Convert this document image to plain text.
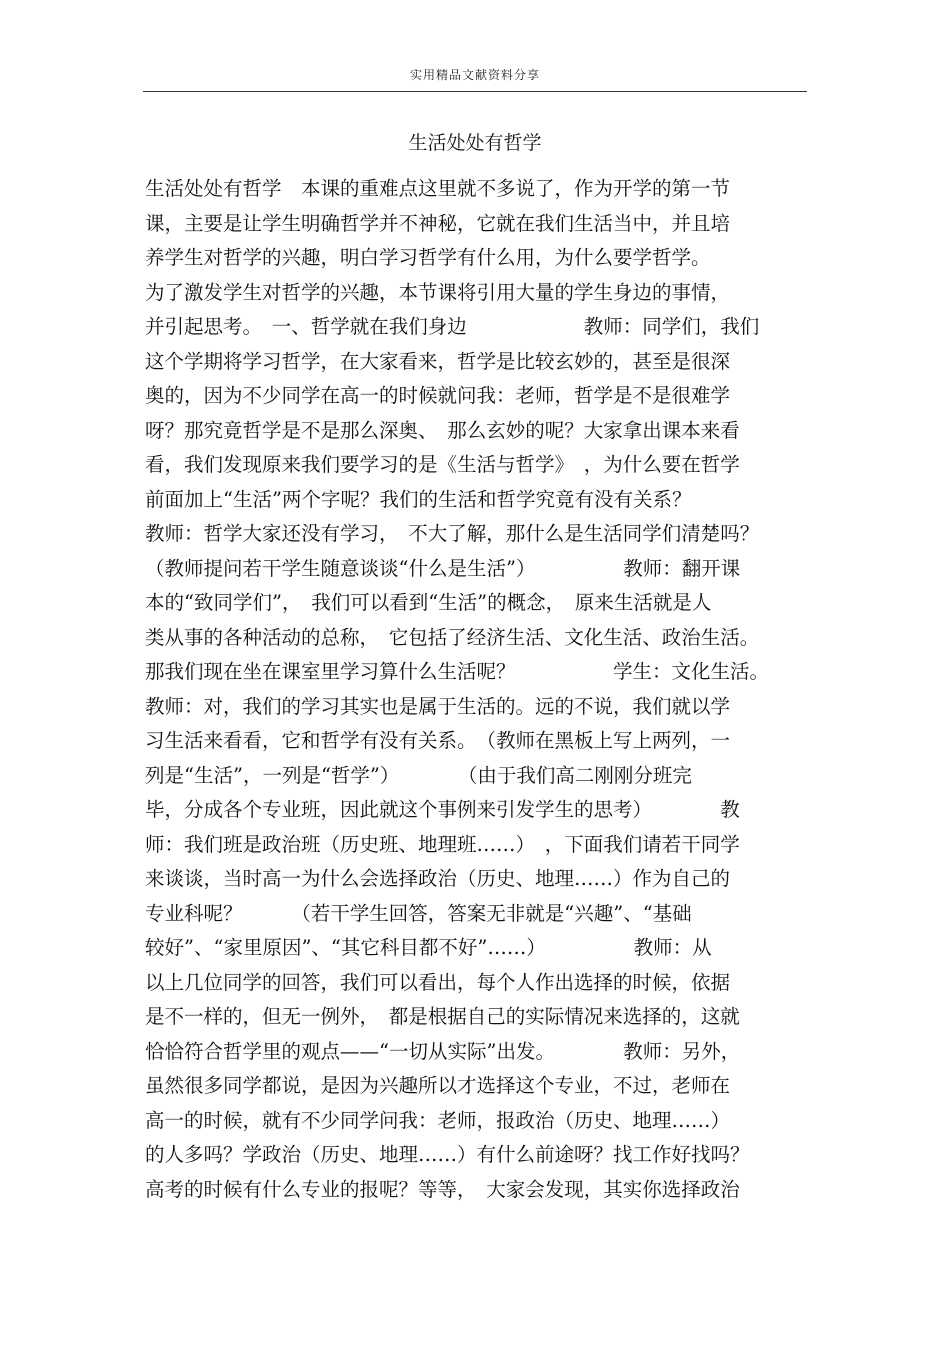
实用精品文献资料分享
生活处处有哲学
生活处处有哲学　本课的重难点这里就不多说了，作为开学的第一节
课，主要是让学生明确哲学并不神秘，它就在我们生活当中，并且培
养学生对哲学的兴趣，明白学习哲学有什么用，为什么要学哲学。
为了激发学生对哲学的兴趣，本节课将引用大量的学生身边的事情，
并引起思考。　一、哲学就在我们身边　　　　　　教师：同学们，我们
这个学期将学习哲学，在大家看来，哲学是比较玄妙的，甚至是很深
奥的，因为不少同学在高一的时候就问我：老师，哲学是不是很难学
呀？那究竟哲学是不是那么深奥、　那么玄妙的呢？大家拿出课本来看
看，我们发现原来我们要学习的是《生活与哲学》　，为什么要在哲学
前面加上“生活”两个字呢？我们的生活和哲学究竟有没有关系？
教师：哲学大家还没有学习，　不大了解，那什么是生活同学们清楚吗？
（教师提问若干学生随意谈谈“什么是生活”）　　　　　教师：翻开课
本的“致同学们”，　我们可以看到“生活”的概念，　原来生活就是人
类从事的各种活动的总称，　它包括了经济生活、文化生活、政治生活。
那我们现在坐在课室里学习算什么生活呢？　　　　　学生：文化生活。
教师：对，我们的学习其实也是属于生活的。远的不说，我们就以学
习生活来看看，它和哲学有没有关系。　（教师在黑板上写上两列，一
列是“生活”，一列是“哲学”）　　　　（由于我们高二刚刚分班完
毕，分成各个专业班，因此就这个事例来引发学生的思考）　　　　教
师：我们班是政治班（历史班、地理班……）　，下面我们请若干同学
来谈谈，当时高一为什么会选择政治（历史、地理……）作为自己的
专业科呢？　　　（若干学生回答，答案无非就是“兴趣”、“基础
较好”、“家里原因”、“其它科目都不好”……）　　　　　教师：从
以上几位同学的回答，我们可以看出，每个人作出选择的时候，依据
是不一样的，但无一例外，　都是根据自己的实际情况来选择的，这就
恰恰符合哲学里的观点——“一切从实际”出发。　　　　教师：另外，
虽然很多同学都说，是因为兴趣所以才选择这个专业，不过，老师在
高一的时候，就有不少同学问我：老师，报政治（历史、地理……）
的人多吗？学政治（历史、地理……）有什么前途呀？找工作好找吗？
高考的时候有什么专业的报呢？等等，　大家会发现，其实你选择政治
